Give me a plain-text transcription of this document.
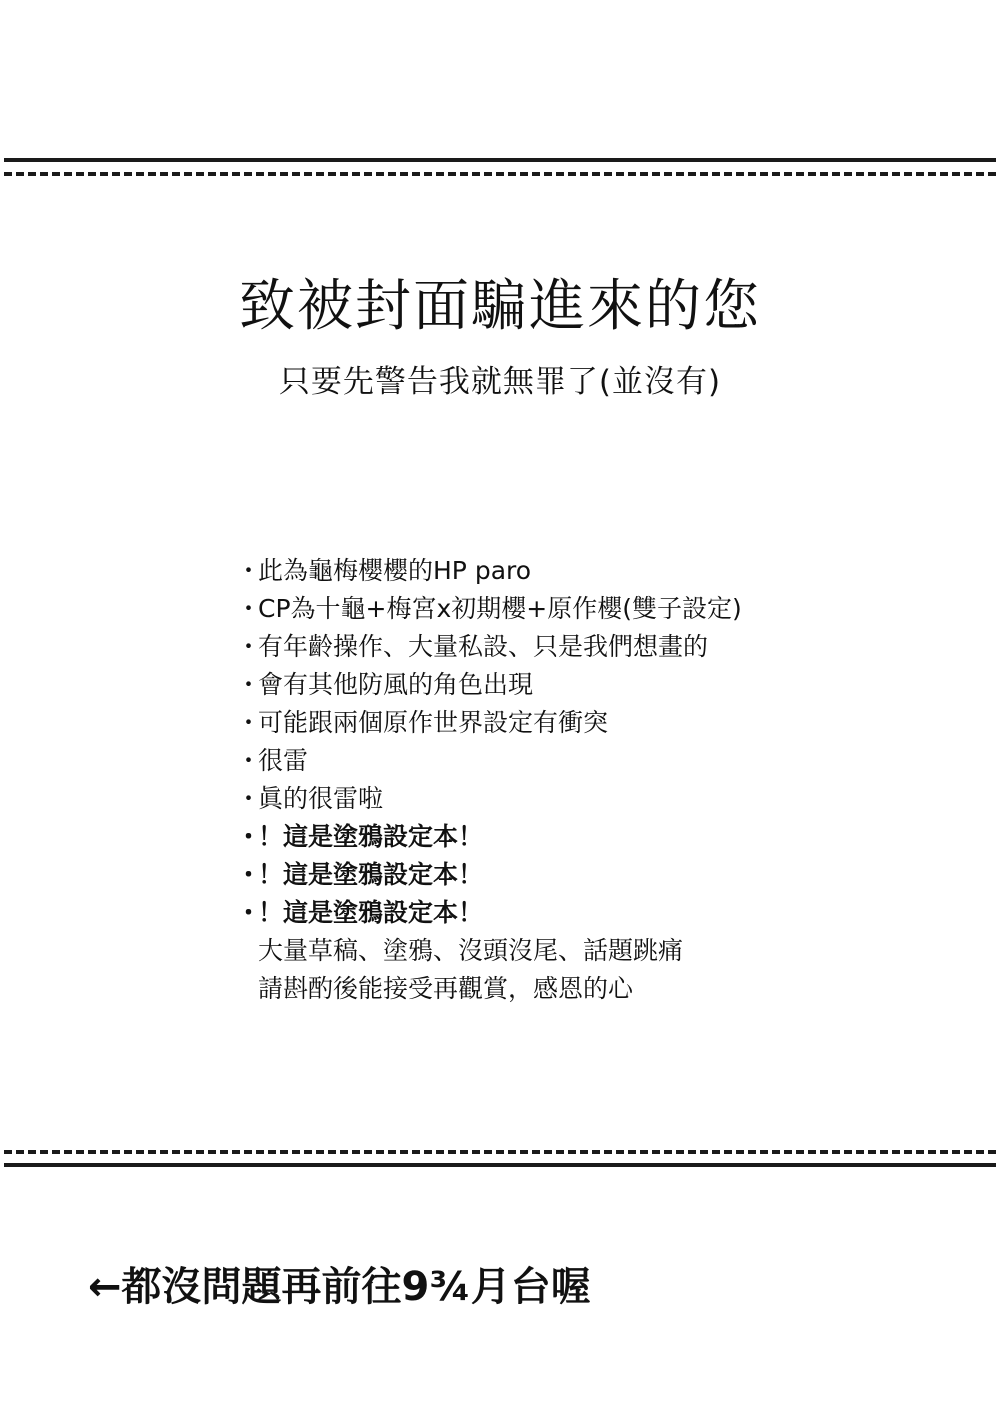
致被封面騙進來的您
只要先警告我就無罪了(並沒有)
・此為龜梅櫻櫻的HP paro
・CP為十龜+梅宮x初期櫻+原作櫻(雙子設定)
・有年齡操作、大量私設、只是我們想畫的
・會有其他防風的角色出現
・可能跟兩個原作世界設定有衝突
・很雷
・眞的很雷啦
・！這是塗鴉設定本！
・！這是塗鴉設定本！
・！這是塗鴉設定本！
大量草稿、塗鴉、沒頭沒尾、話題跳痛
請斟酌後能接受再觀賞，感恩的心
←都沒問題再前往9¾月台喔
